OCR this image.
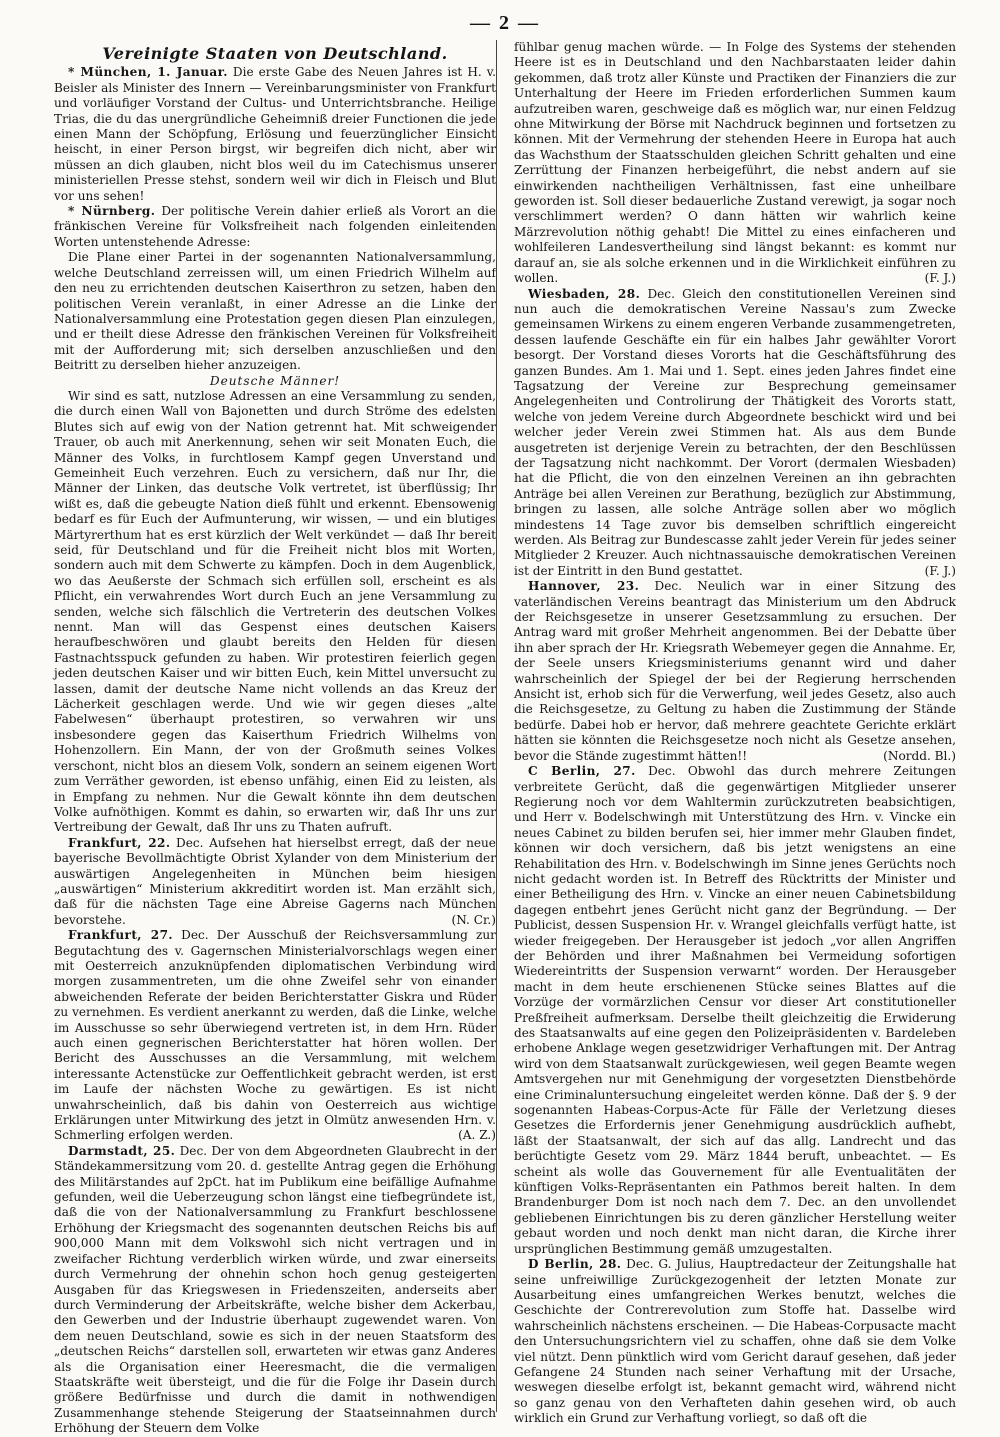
— 2 —
Vereinigte Staaten von Deutschland.

* München, 1. Januar. Die erste Gabe des Neuen Jahres ist H. v. Beisler als Minister des Innern — Vereinbarungsminister von Frankfurt und vorläufiger Vorstand der Cultus- und Unterrichtsbranche. Heilige Trias, die du das unergründliche Geheimniß dreier Functionen die jede einen Mann der Schöpfung, Erlösung und feuerzünglicher Einsicht heischt, in einer Person birgst, wir begreifen dich nicht, aber wir müssen an dich glauben, nicht blos weil du im Catechismus unserer ministeriellen Presse stehst, sondern weil wir dich in Fleisch und Blut vor uns sehen!

* Nürnberg. Der politische Verein dahier erließ als Vorort an die fränkischen Vereine für Volksfreiheit nach folgenden einleitenden Worten untenstehende Adresse:

Die Plane einer Partei in der sogenannten Nationalversammlung, welche Deutschland zerreissen will, um einen Friedrich Wilhelm auf den neu zu errichtenden deutschen Kaiserthron zu setzen, haben den politischen Verein veranlaßt, in einer Adresse an die Linke der Nationalversammlung eine Protestation gegen diesen Plan einzulegen, und er theilt diese Adresse den fränkischen Vereinen für Volksfreiheit mit der Aufforderung mit; sich derselben anzuschließen und den Beitritt zu derselben hieher anzuzeigen.

Deutsche Männer!

Wir sind es satt, nutzlose Adressen an eine Versammlung zu senden, die durch einen Wall von Bajonetten und durch Ströme des edelsten Blutes sich auf ewig von der Nation getrennt hat. Mit schweigender Trauer, ob auch mit Anerkennung, sehen wir seit Monaten Euch, die Männer des Volks, in furchtlosem Kampf gegen Unverstand und Gemeinheit Euch verzehren. Euch zu versichern, daß nur Ihr, die Männer der Linken, das deutsche Volk vertretet, ist überflüssig; Ihr wißt es, daß die gebeugte Nation dieß fühlt und erkennt. Ebensowenig bedarf es für Euch der Aufmunterung, wir wissen, — und ein blutiges Märtyrerthum hat es erst kürzlich der Welt verkündet — daß Ihr bereit seid, für Deutschland und für die Freiheit nicht blos mit Worten, sondern auch mit dem Schwerte zu kämpfen. Doch in dem Augenblick, wo das Aeußerste der Schmach sich erfüllen soll, erscheint es als Pflicht, ein verwahrendes Wort durch Euch an jene Versammlung zu senden, welche sich fälschlich die Vertreterin des deutschen Volkes nennt. Man will das Gespenst eines deutschen Kaisers heraufbeschwören und glaubt bereits den Helden für diesen Fastnachtsspuck gefunden zu haben. Wir protestiren feierlich gegen jeden deutschen Kaiser und wir bitten Euch, kein Mittel unversucht zu lassen, damit der deutsche Name nicht vollends an das Kreuz der Lächerkeit geschlagen werde. Und wie wir gegen dieses „alte Fabelwesen“ überhaupt protestiren, so verwahren wir uns insbesondere gegen das Kaiserthum Friedrich Wilhelms von Hohenzollern. Ein Mann, der von der Großmuth seines Volkes verschont, nicht blos an diesem Volk, sondern an seinem eigenen Wort zum Verräther geworden, ist ebenso unfähig, einen Eid zu leisten, als in Empfang zu nehmen. Nur die Gewalt könnte ihn dem deutschen Volke aufnöthigen. Kommt es dahin, so erwarten wir, daß Ihr uns zur Vertreibung der Gewalt, daß Ihr uns zu Thaten aufruft.

Frankfurt, 22. Dec. Aufsehen hat hierselbst erregt, daß der neue bayerische Bevollmächtigte Obrist Xylander von dem Ministerium der auswärtigen Angelegenheiten in München beim hiesigen „auswärtigen“ Ministerium akkreditirt worden ist. Man erzählt sich, daß für die nächsten Tage eine Abreise Gagerns nach München bevorstehe.	(N. Cr.)

Frankfurt, 27. Dec. Der Ausschuß der Reichsversammlung zur Begutachtung des v. Gagernschen Ministerialvorschlags wegen einer mit Oesterreich anzuknüpfenden diplomatischen Verbindung wird morgen zusammentreten, um die ohne Zweifel sehr von einander abweichenden Referate der beiden Berichterstatter Giskra und Rüder zu vernehmen. Es verdient anerkannt zu werden, daß die Linke, welche im Ausschusse so sehr überwiegend vertreten ist, in dem Hrn. Rüder auch einen gegnerischen Berichterstatter hat hören wollen. Der Bericht des Ausschusses an die Versammlung, mit welchem interessante Actenstücke zur Oeffentlichkeit gebracht werden, ist erst im Laufe der nächsten Woche zu gewärtigen. Es ist nicht unwahrscheinlich, daß bis dahin von Oesterreich aus wichtige Erklärungen unter Mitwirkung des jetzt in Olmütz anwesenden Hrn. v. Schmerling erfolgen werden.	(A. Z.)

Darmstadt, 25. Dec. Der von dem Abgeordneten Glaubrecht in der Ständekammersitzung vom 20. d. gestellte Antrag gegen die Erhöhung des Militärstandes auf 2pCt. hat im Publikum eine beifällige Aufnahme gefunden, weil die Ueberzeugung schon längst eine tiefbegründete ist, daß die von der Nationalversammlung zu Frankfurt beschlossene Erhöhung der Kriegsmacht des sogenannten deutschen Reichs bis auf 900,000 Mann mit dem Volkswohl sich nicht vertragen und in zweifacher Richtung verderblich wirken würde, und zwar einerseits durch Vermehrung der ohnehin schon hoch genug gesteigerten Ausgaben für das Kriegswesen in Friedenszeiten, anderseits aber durch Verminderung der Arbeitskräfte, welche bisher dem Ackerbau, den Gewerben und der Industrie überhaupt zugewendet waren. Von dem neuen Deutschland, sowie es sich in der neuen Staatsform des „deutschen Reichs“ darstellen soll, erwarteten wir etwas ganz Anderes als die Organisation einer Heeresmacht, die die vermaligen Staatskräfte weit übersteigt, und die für die Folge ihr Dasein durch größere Bedürfnisse und durch die damit in nothwendigen Zusammenhange stehende Steigerung der Staatseinnahmen durch Erhöhung der Steuern dem Volke

fühlbar genug machen würde. — In Folge des Systems der stehenden Heere ist es in Deutschland und den Nachbarstaaten leider dahin gekommen, daß trotz aller Künste und Practiken der Finanziers die zur Unterhaltung der Heere im Frieden erforderlichen Summen kaum aufzutreiben waren, geschweige daß es möglich war, nur einen Feldzug ohne Mitwirkung der Börse mit Nachdruck beginnen und fortsetzen zu können. Mit der Vermehrung der stehenden Heere in Europa hat auch das Wachsthum der Staatsschulden gleichen Schritt gehalten und eine Zerrüttung der Finanzen herbeigeführt, die nebst andern auf sie einwirkenden nachtheiligen Verhältnissen, fast eine unheilbare geworden ist. Soll dieser bedauerliche Zustand verewigt, ja sogar noch verschlimmert werden? O dann hätten wir wahrlich keine Märzrevolution nöthig gehabt! Die Mittel zu eines einfacheren und wohlfeileren Landesvertheilung sind längst bekannt: es kommt nur darauf an, sie als solche erkennen und in die Wirklichkeit einführen zu wollen.	(F. J.)

Wiesbaden, 28. Dec. Gleich den constitutionellen Vereinen sind nun auch die demokratischen Vereine Nassau's zum Zwecke gemeinsamen Wirkens zu einem engeren Verbande zusammengetreten, dessen laufende Geschäfte ein für ein halbes Jahr gewählter Vorort besorgt. Der Vorstand dieses Vororts hat die Geschäftsführung des ganzen Bundes. Am 1. Mai und 1. Sept. eines jeden Jahres findet eine Tagsatzung der Vereine zur Besprechung gemeinsamer Angelegenheiten und Controlirung der Thätigkeit des Vororts statt, welche von jedem Vereine durch Abgeordnete beschickt wird und bei welcher jeder Verein zwei Stimmen hat. Als aus dem Bunde ausgetreten ist derjenige Verein zu betrachten, der den Beschlüssen der Tagsatzung nicht nachkommt. Der Vorort (dermalen Wiesbaden) hat die Pflicht, die von den einzelnen Vereinen an ihn gebrachten Anträge bei allen Vereinen zur Berathung, bezüglich zur Abstimmung, bringen zu lassen, alle solche Anträge sollen aber wo möglich mindestens 14 Tage zuvor bis demselben schriftlich eingereicht werden. Als Beitrag zur Bundescasse zahlt jeder Verein für jedes seiner Mitglieder 2 Kreuzer. Auch nichtnassauische demokratischen Vereinen ist der Eintritt in den Bund gestattet.	(F. J.)

Hannover, 23. Dec. Neulich war in einer Sitzung des vaterländischen Vereins beantragt das Ministerium um den Abdruck der Reichsgesetze in unserer Gesetzsammlung zu ersuchen. Der Antrag ward mit großer Mehrheit angenommen. Bei der Debatte über ihn aber sprach der Hr. Kriegsrath Webemeyer gegen die Annahme. Er, der Seele unsers Kriegsministeriums genannt wird und daher wahrscheinlich der Spiegel der bei der Regierung herrschenden Ansicht ist, erhob sich für die Verwerfung, weil jedes Gesetz, also auch die Reichsgesetze, zu Geltung zu haben die Zustimmung der Stände bedürfe. Dabei hob er hervor, daß mehrere geachtete Gerichte erklärt hätten sie könnten die Reichsgesetze noch nicht als Gesetze ansehen, bevor die Stände zugestimmt hätten!!	(Nordd. Bl.)

C Berlin, 27. Dec. Obwohl das durch mehrere Zeitungen verbreitete Gerücht, daß die gegenwärtigen Mitglieder unserer Regierung noch vor dem Wahltermin zurückzutreten beabsichtigen, und Herr v. Bodelschwingh mit Unterstützung des Hrn. v. Vincke ein neues Cabinet zu bilden berufen sei, hier immer mehr Glauben findet, können wir doch versichern, daß bis jetzt wenigstens an eine Rehabilitation des Hrn. v. Bodelschwingh im Sinne jenes Gerüchts noch nicht gedacht worden ist. In Betreff des Rücktritts der Minister und einer Betheiligung des Hrn. v. Vincke an einer neuen Cabinetsbildung dagegen entbehrt jenes Gerücht nicht ganz der Begründung. — Der Publicist, dessen Suspension Hr. v. Wrangel gleichfalls verfügt hatte, ist wieder freigegeben. Der Herausgeber ist jedoch „vor allen Angriffen der Behörden und ihrer Maßnahmen bei Vermeidung sofortigen Wiedereintritts der Suspension verwarnt“ worden. Der Herausgeber macht in dem heute erschienenen Stücke seines Blattes auf die Vorzüge der vormärzlichen Censur vor dieser Art constitutioneller Preßfreiheit aufmerksam. Derselbe theilt gleichzeitig die Erwiderung des Staatsanwalts auf eine gegen den Polizeipräsidenten v. Bardeleben erhobene Anklage wegen gesetzwidriger Verhaftungen mit. Der Antrag wird von dem Staatsanwalt zurückgewiesen, weil gegen Beamte wegen Amtsvergehen nur mit Genehmigung der vorgesetzten Dienstbehörde eine Criminaluntersuchung eingeleitet werden könne. Daß der §. 9 der sogenannten Habeas-Corpus-Acte für Fälle der Verletzung dieses Gesetzes die Erfordernis jener Genehmigung ausdrücklich aufhebt, läßt der Staatsanwalt, der sich auf das allg. Landrecht und das berüchtigte Gesetz vom 29. März 1844 beruft, unbeachtet. — Es scheint als wolle das Gouvernement für alle Eventualitäten der künftigen Volks-Repräsentanten ein Pathmos bereit halten. In dem Brandenburger Dom ist noch nach dem 7. Dec. an den unvollendet gebliebenen Einrichtungen bis zu deren gänzlicher Herstellung weiter gebaut worden und noch denkt man nicht daran, die Kirche ihrer ursprünglichen Bestimmung gemäß umzugestalten.

D Berlin, 28. Dec. G. Julius, Hauptredacteur der Zeitungshalle hat seine unfreiwillige Zurückgezogenheit der letzten Monate zur Ausarbeitung eines umfangreichen Werkes benutzt, welches die Geschichte der Contrerevolution zum Stoffe hat. Dasselbe wird wahrscheinlich nächstens erscheinen. — Die Habeas-Corpusacte macht den Untersuchungsrichtern viel zu schaffen, ohne daß sie dem Volke viel nützt. Denn pünktlich wird vom Gericht darauf gesehen, daß jeder Gefangene 24 Stunden nach seiner Verhaftung mit der Ursache, weswegen dieselbe erfolgt ist, bekannt gemacht wird, während nicht so ganz genau von den Verhafteten dahin gesehen wird, ob auch wirklich ein Grund zur Verhaftung vorliegt, so daß oft die
